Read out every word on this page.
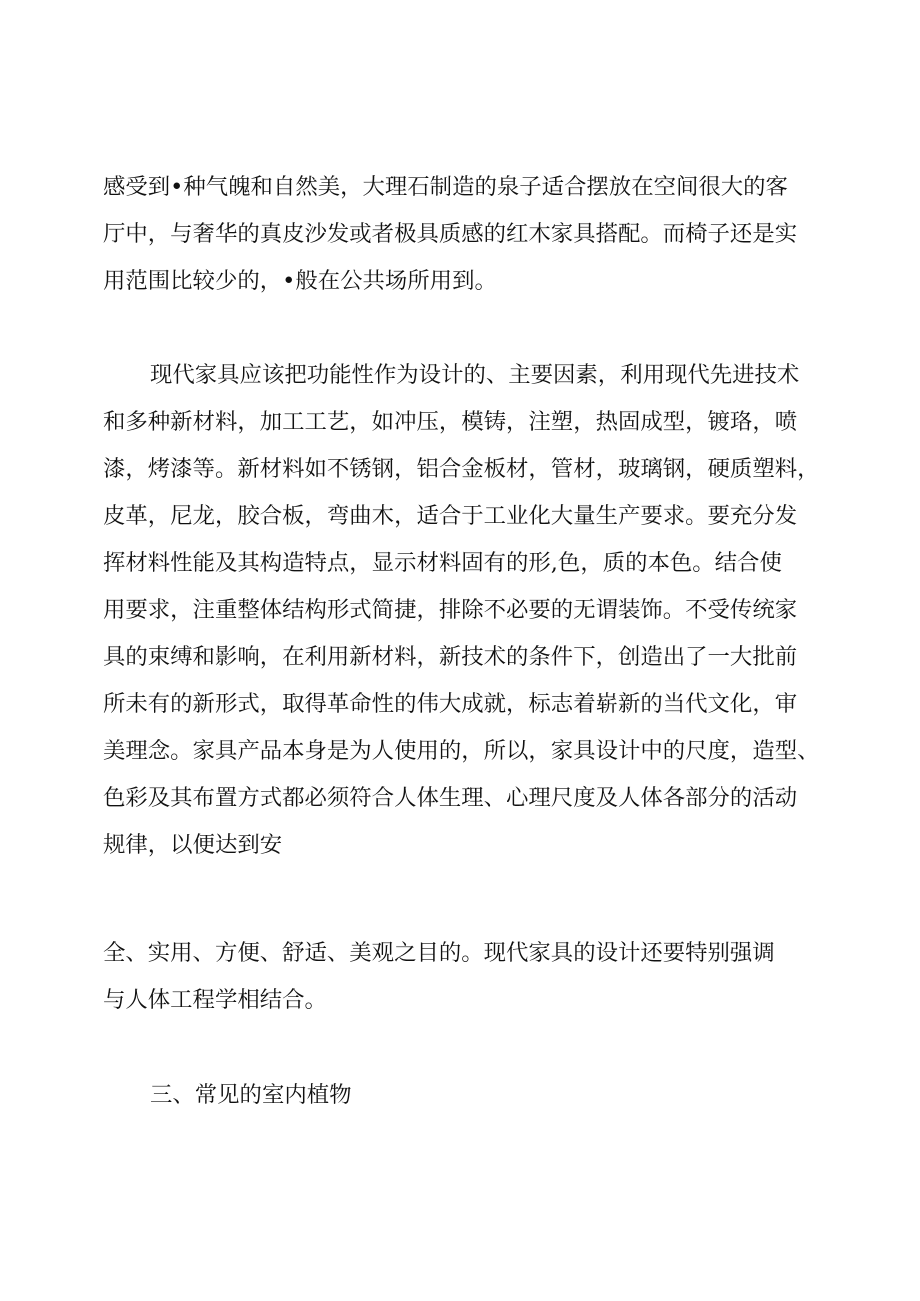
感受到•种气魄和自然美，大理石制造的泉子适合摆放在空间很大的客

厅中，与奢华的真皮沙发或者极具质感的红木家具搭配。而椅子还是实

用范围比较少的，•般在公共场所用到。

现代家具应该把功能性作为设计的、主要因素，利用现代先进技术

和多种新材料，加工工艺，如冲压，模铸，注塑，热固成型，镀珞，喷

漆，烤漆等。新材料如不锈钢，铝合金板材，管材，玻璃钢，硬质塑料，

皮革，尼龙，胶合板，弯曲木，适合于工业化大量生产要求。要充分发

挥材料性能及其构造特点，显示材料固有的形,色，质的本色。结合使

用要求，注重整体结构形式简捷，排除不必要的无谓装饰。不受传统家

具的束缚和影响，在利用新材料，新技术的条件下，创造出了一大批前

所未有的新形式，取得革命性的伟大成就，标志着崭新的当代文化，审

美理念。家具产品本身是为人使用的，所以，家具设计中的尺度，造型、

色彩及其布置方式都必须符合人体生理、心理尺度及人体各部分的活动

规律，以便达到安

全、实用、方便、舒适、美观之目的。现代家具的设计还要特别强调

与人体工程学相结合。

三、常见的室内植物
